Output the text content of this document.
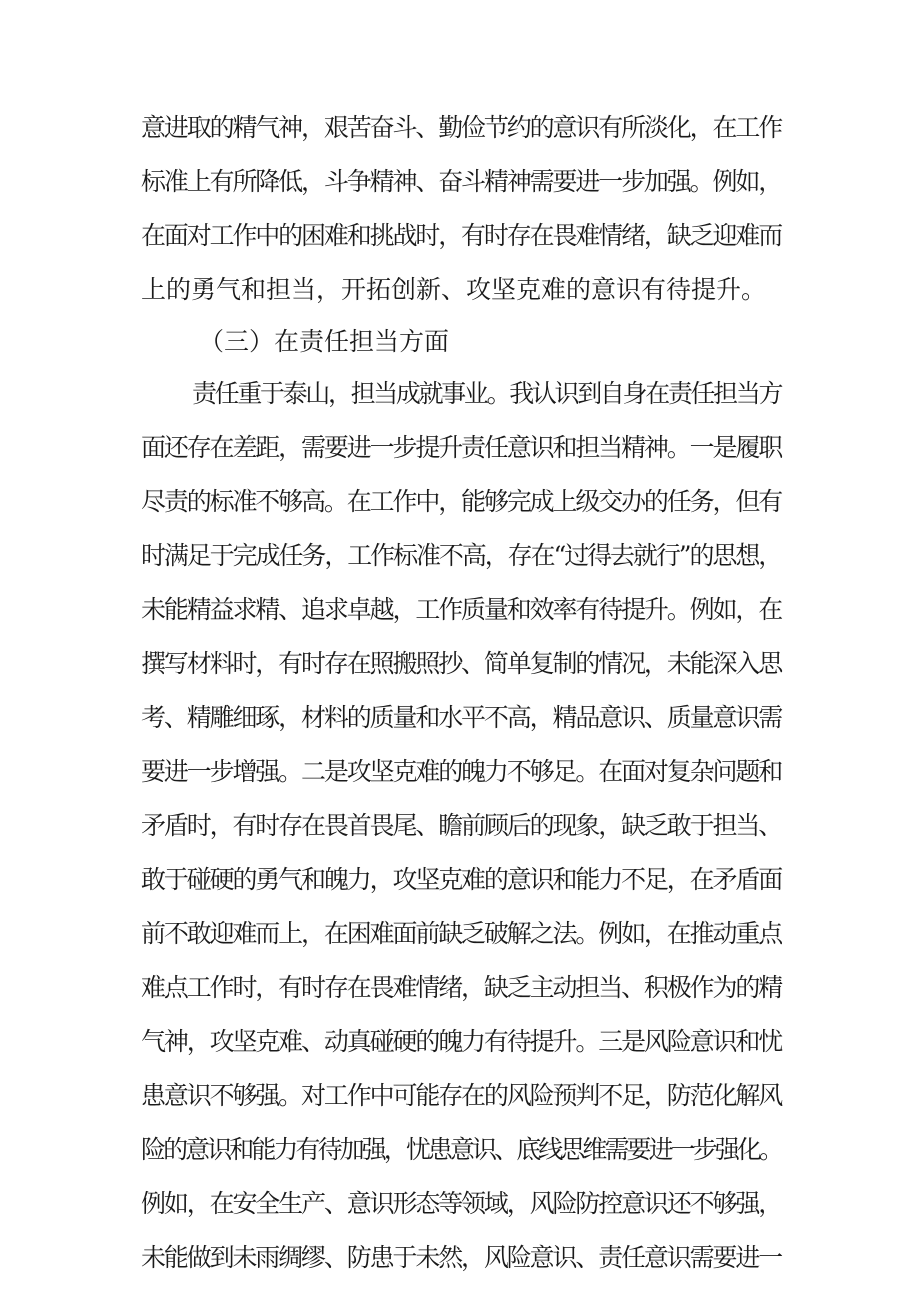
意进取的精气神，艰苦奋斗、勤俭节约的意识有所淡化，在工作
标准上有所降低，斗争精神、奋斗精神需要进一步加强。例如，
在面对工作中的困难和挑战时，有时存在畏难情绪，缺乏迎难而
上的勇气和担当，开拓创新、攻坚克难的意识有待提升。
（三）在责任担当方面
责任重于泰山，担当成就事业。我认识到自身在责任担当方
面还存在差距，需要进一步提升责任意识和担当精神。一是履职
尽责的标准不够高。在工作中，能够完成上级交办的任务，但有
时满足于完成任务，工作标准不高，存在“过得去就行”的思想，
未能精益求精、追求卓越，工作质量和效率有待提升。例如，在
撰写材料时，有时存在照搬照抄、简单复制的情况，未能深入思
考、精雕细琢，材料的质量和水平不高，精品意识、质量意识需
要进一步增强。二是攻坚克难的魄力不够足。在面对复杂问题和
矛盾时，有时存在畏首畏尾、瞻前顾后的现象，缺乏敢于担当、
敢于碰硬的勇气和魄力，攻坚克难的意识和能力不足，在矛盾面
前不敢迎难而上，在困难面前缺乏破解之法。例如，在推动重点
难点工作时，有时存在畏难情绪，缺乏主动担当、积极作为的精
气神，攻坚克难、动真碰硬的魄力有待提升。三是风险意识和忧
患意识不够强。对工作中可能存在的风险预判不足，防范化解风
险的意识和能力有待加强，忧患意识、底线思维需要进一步强化。
例如，在安全生产、意识形态等领域，风险防控意识还不够强，
未能做到未雨绸缪、防患于未然，风险意识、责任意识需要进一
